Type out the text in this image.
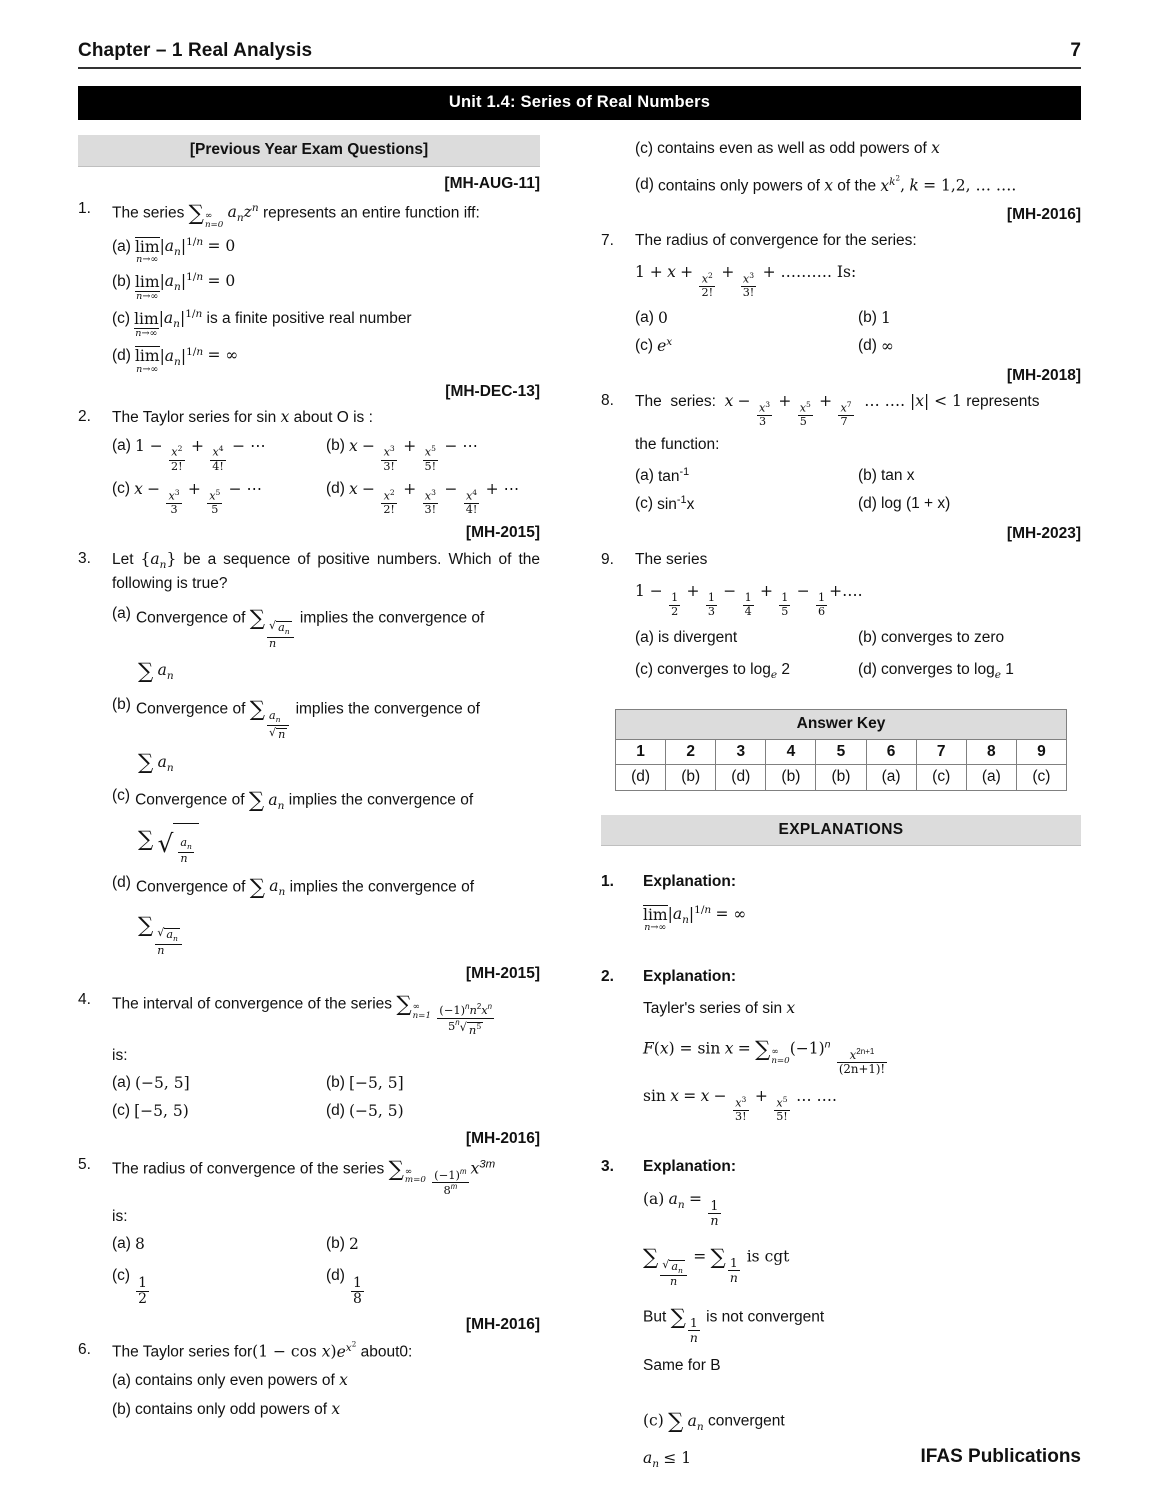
Chapter – 1 Real Analysis	7
Unit 1.4: Series of Real Numbers
[Previous Year Exam Questions]
[MH-AUG-11]
1.	The series ∑ ∞
n=0
$a_nz^n$ represents an entire function iff:
(a) lim
n→∞
$|a_n|^{1/n} = 0$
(b) lim
n→∞
$|a_n|^{1/n} = 0$
(c) lim
n→∞
$|a_n|^{1/n}$ is a finite positive real number
(d) lim
n→∞
$|a_n|^{1/n}$ = ∞
[MH-DEC-13]
2.	The Taylor series for sin x about O is :
(a) $1 - \frac{x^2}{2!} + \frac{x^4}{4!}$ − ⋯	(b) $x - \frac{x^3}{3!} + \frac{x^5}{5!}$ − ⋯
(c) $x - \frac{x^3}{3} + \frac{x^5}{5}$ − ⋯	(d) $x - \frac{x^2}{2!} + \frac{x^3}{3!} - \frac{x^4}{4!}$ + ⋯
[MH-2015]
3.	Let $\{a_n\}$ be a sequence of positive numbers. Which of the following is true?
(a) Convergence of ∑
$\frac{√ a_n}{n}$
implies the convergence of
∑ $a_n$
(b) Convergence of ∑
$\frac{a_n}{√ n}$
implies the convergence of
∑ $a_n$
(c) Convergence of ∑ $a_n$ implies the convergence of
∑ √ $\frac{a_n}{n}$
(d) Convergence of ∑ $a_n$ implies the convergence of
∑
$\frac{√ a_n}{n}$
[MH-2015]
4.	The interval of convergence of the series ∑ ∞
n=1
$\frac{(-1)^nn^2x^n}{5^n √ n^5}$
is:
(a) (−5, 5]	(b) [−5, 5]
(c) [−5, 5)	(d) (−5, 5)
[MH-2016]
5.	The radius of convergence of the series ∑ ∞
m=0
$\frac{(-1)^m}{8^m} x^{3m}$
is:
(a) 8	(b) 2
(c)
$\frac{1}{2}$
(d)
$\frac{1}{8}$
[MH-2016]
6.	The Taylor series $for(1 - \cos x)e^{x^2}$ about0:
(a) contains only even powers of x
(b) contains only odd powers of x
(c) contains even as well as odd powers of x
(d) contains only powers of x of the $x^{k^2}$, k = 1,2, … ….
[MH-2016]
7.	The radius of convergence for the series:
$1 + x + \frac{x^2}{2!} + \frac{x^3}{3!}$ + ………. Is:
(a) 0	(b) 1
(c) $e^x$	(d) ∞
[MH-2018]
8.	The  series:  $x - \frac{x^3}{3} + \frac{x^5}{5} + \frac{x^7}{7}$ … …. |x| < 1 represents
the function:
(a) $\tan^{-1}$	(b) tan x
(c) $\sin^{-1}x$	(d) log (1 + x)
[MH-2023]
9.	The series
1 −
$\frac{1}{2}$
+
$\frac{1}{3}$
−
$\frac{1}{4}$
+
$\frac{1}{5}$
−
$\frac{1}{6}$
+….
(a) is divergent	(b) converges to zero
(c) converges to $\log_e 2$	(d) converges to $\log_e 1$
Answer Key								
1	2	3	4	5	6	7	8	9
(d)	(b)	(d)	(b)	(b)	(a)	(c)	(a)	(c)
EXPLANATIONS
1.	Explanation:
lim
n→∞
$|a_n|^{1/n}$ = ∞
2.	Explanation:
Tayler's series of sin x
F(x) = sin x = ∑ ∞
n=0
$(-1)^n$
$\frac{x^{2n+1}}{(2n+1)!}$
$\sin x = x - \frac{x^3}{3!} + \frac{x^5}{5!}$ … ….
3.	Explanation:
(a) $a_n$ =
$\frac{1}{n}$
∑
$\frac{√ a_n}{n}$
= ∑ $\frac{1}{n}$ is cgt
But ∑ $\frac{1}{n}$ is not convergent
Same for B
(c) ∑ $a_n$ convergent
$a_n \le 1$	IFAS Publications
